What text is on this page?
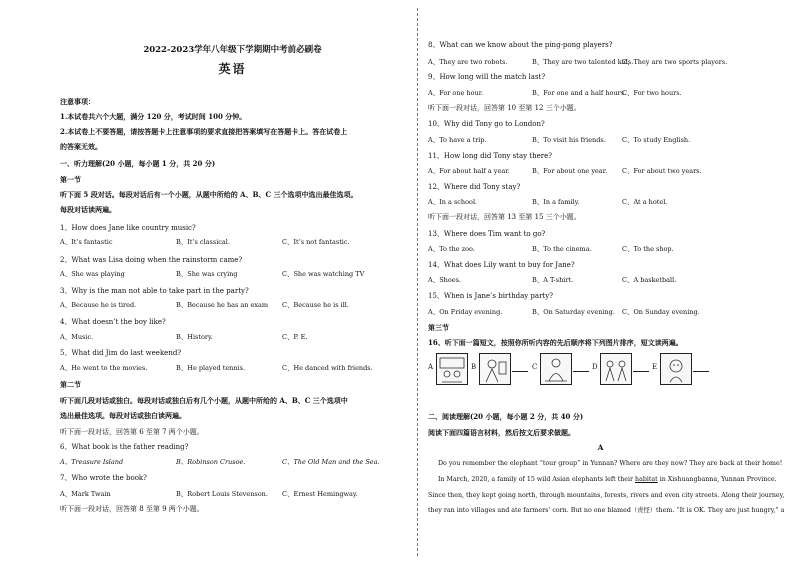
2022-2023学年八年级下学期期中考前必刷卷
英语
注意事项：
1.本试卷共六个大题，满分 120 分，考试时间 100 分钟。
2.本试卷上不要答题，请按答题卡上注意事项的要求直接把答案填写在答题卡上。答在试卷上
的答案无效。
一、听力理解(20 小题，每小题 1 分，共 20 分)
第一节
听下面 5 段对话。每段对话后有一个小题，从题中所给的 A、B、C 三个选项中选出最佳选项。
每段对话读两遍。
1、How does Jane like country music?
A、It’s fantastic	B、It’s classical.	C、It’s not fantastic.
2、What was Lisa doing when the rainstorm came?
A、She was playing	B、She was crying	C、She was watching TV
3、Why is the man not able to take part in the party?
A、Because he is tired.	B、Because he has an exam C、Because he is ill.
4、What doesn’t the boy like?
A、Music.	B、History.	C、P. E.
5、What did Jim do last weekend?
A、He went to the movies.	B、He played tennis.	C、He danced with friends.
第二节
听下面几段对话或独白。每段对话或独白后有几个小题，从题中所给的 A、B、C 三个选项中
选出最佳选项。每段对话或独白读两遍。
听下面一段对话，回答第 6 至第 7 两个小题。
6、What book is the father reading?
A、Treasure Island	B、Robinson Crusoe.	C、The Old Man and the Sea.
7、Who wrote the book?
A、Mark Twain	B、Robert Louis Stevenson. C、Ernest Hemingway.
听下面一段对话，回答第 8 至第 9 两个小题。
8、What can we know about the ping-pong players?
A、They are two robots.	B、They are two talented kids.
C、They are two sports players.
9、How long will the match last?
A、For one hour.	B、For one and a half hours.
C、For two hours.
听下面一段对话，回答第 10 至第 12 三个小题。
10、Why did Tony go to London?
A、To have a trip.	B、To visit his friends. C、To study English.
11、How long did Tony stay there?
A、For about half a year.	B、For about one year. C、For about two years.
12、Where did Tony stay?
A、In a school.	B、In a family.	C、At a hotel.
听下面一段对话，回答第 13 至第 15 三个小题。
13、Where does Tim want to go?
A、To the zoo.	B、To the cinema.	C、To the shop.
14、What does Lily want to buy for Jane?
A、Shoes.	B、A T-shirt.	C、A basketball.
15、When is Jane’s birthday party?
A、On Friday evening.	B、On Saturday evening. C、On Sunday evening.
第三节
16、听下面一篇短文，按照你所听内容的先后顺序将下列图片排序，短文读两遍。
A	B	C	D	E
二、阅读理解(20 小题，每小题 2 分，共 40 分)
阅读下面四篇语言材料，然后按文后要求做题。
A
Do you remember the elephant “tour group” in Yunnan? Where are they now? They are back at their home!
In March, 2020, a family of 15 wild Asian elephants left their habitat in Xishuangbanna, Yunnan Province.
Since then, they kept going north, through mountains, forests, rivers and even city streets. Along their journey,
they ran into villages and ate farmers’ corn. But no one blamed（责怪）them. “It is OK. They are just hungry,” a
